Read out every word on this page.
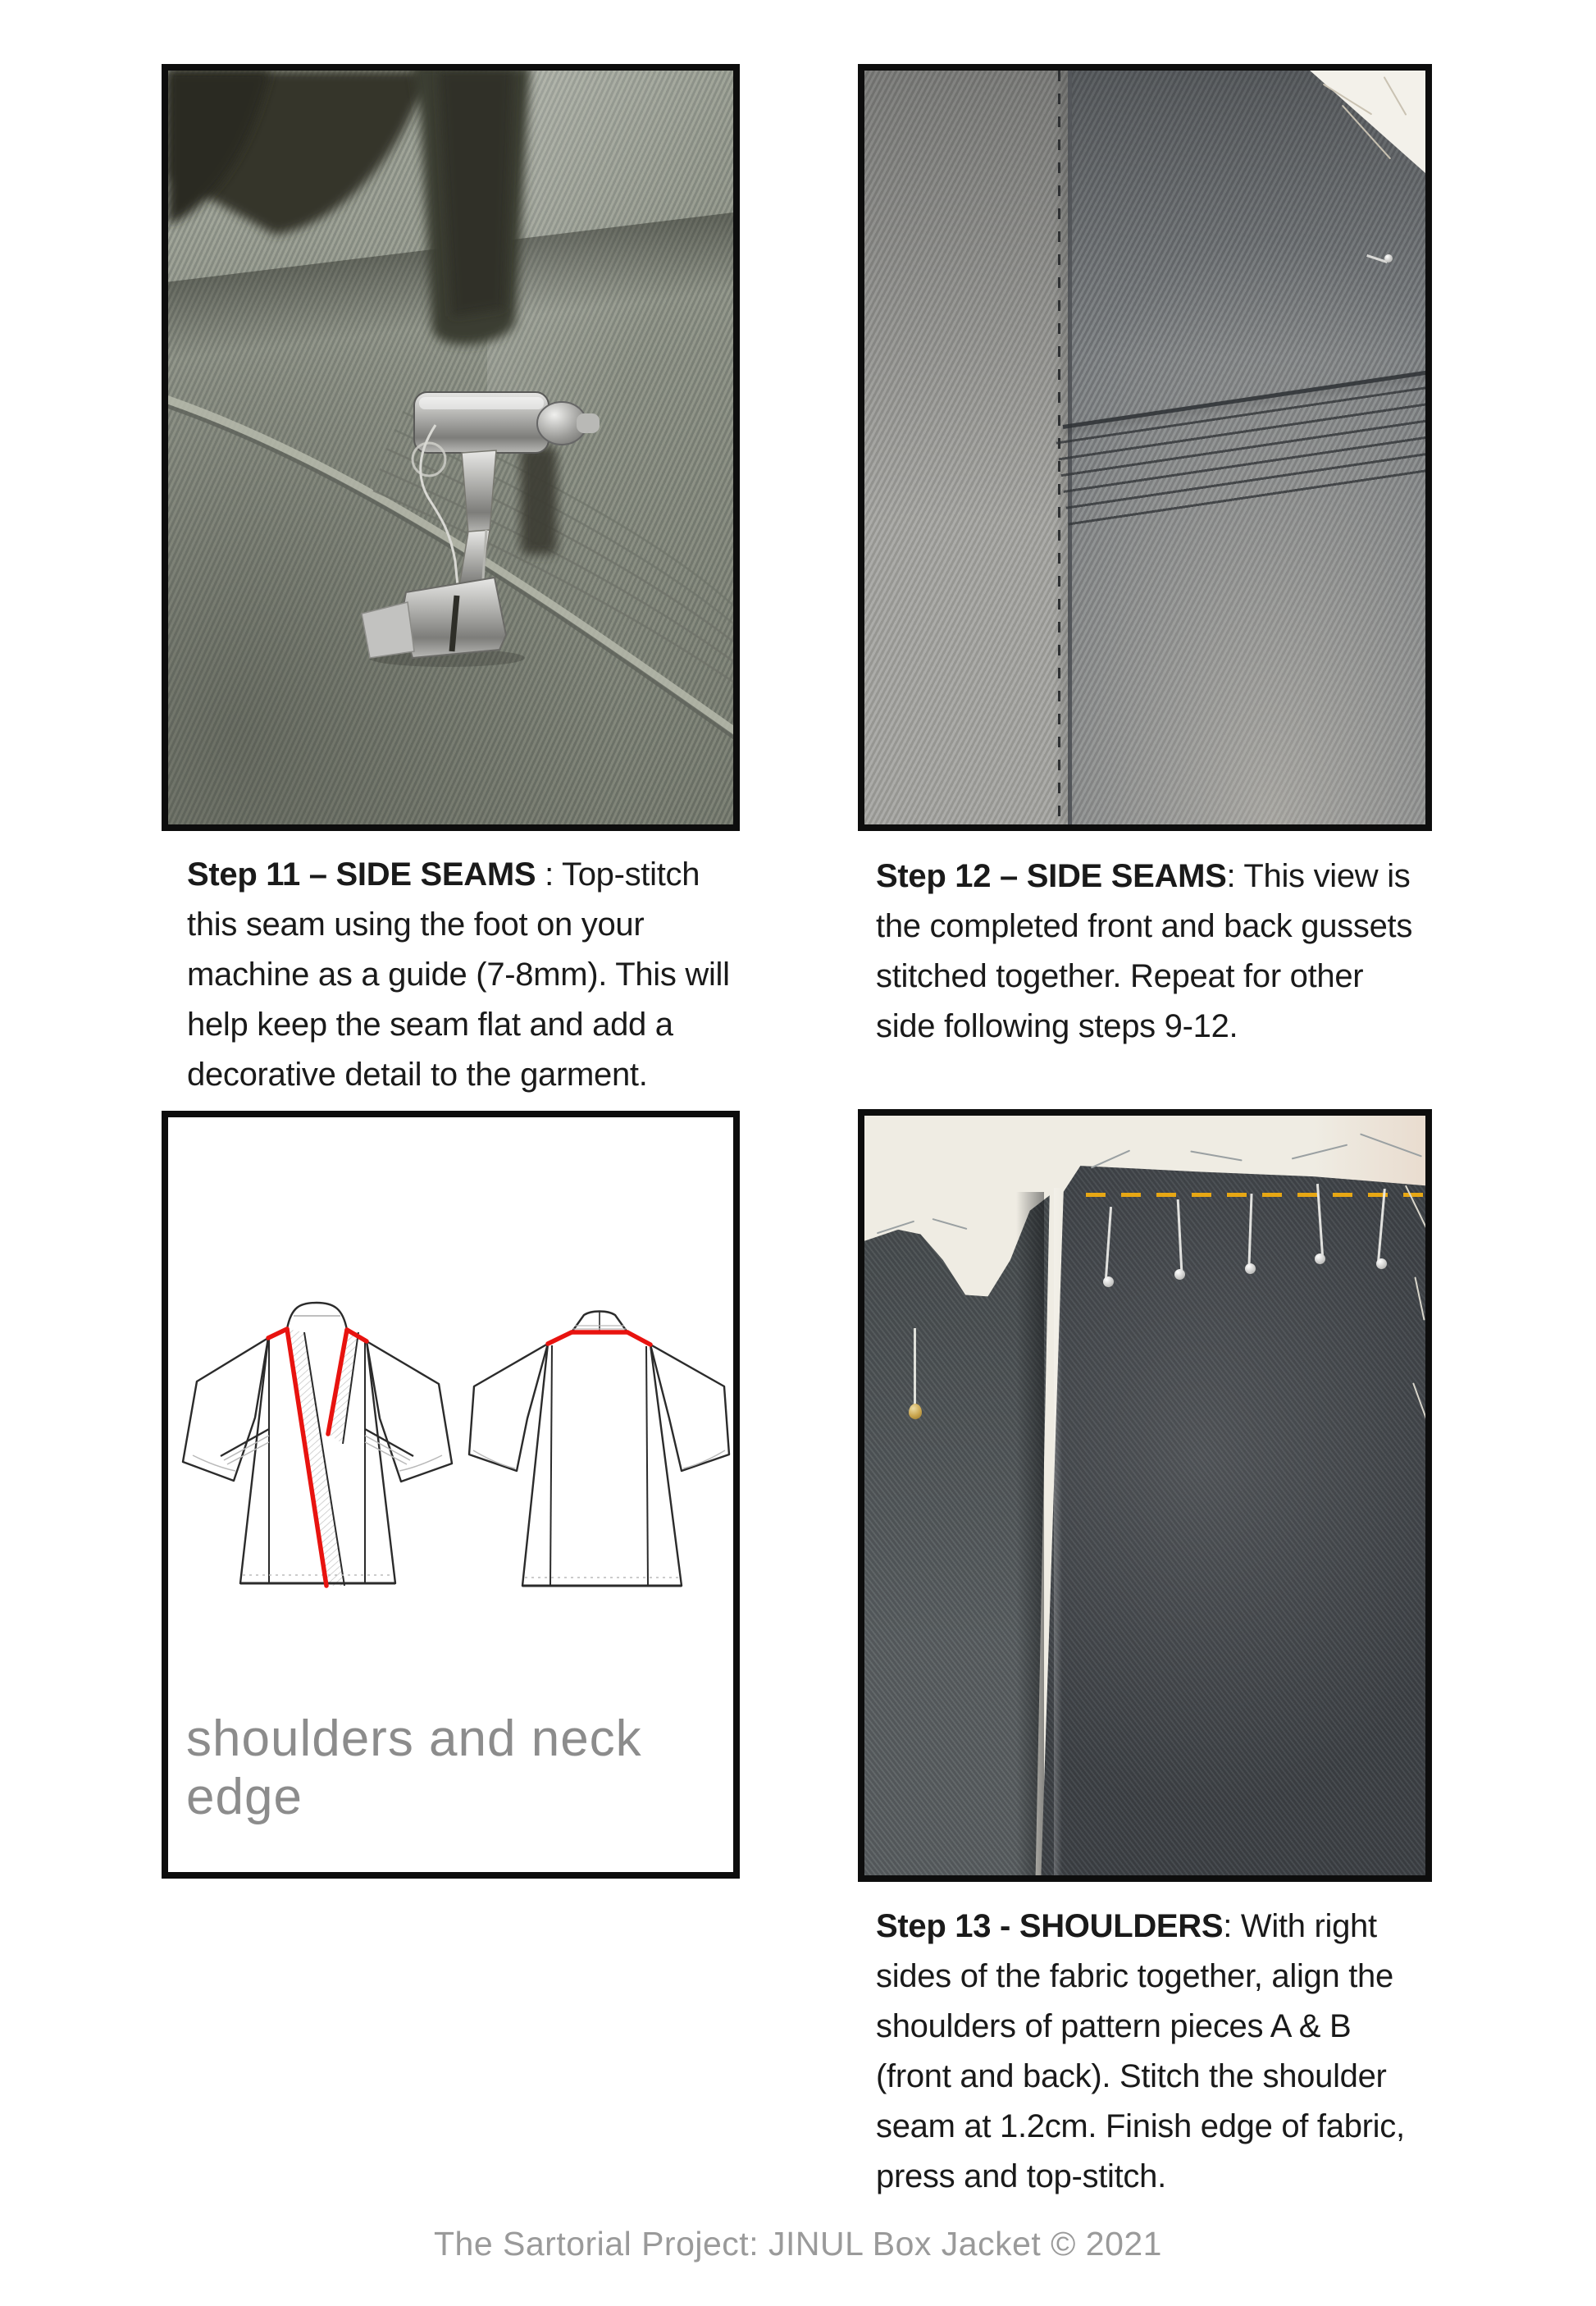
Step 11 – SIDE SEAMS : Top-stitch this seam using the foot on your machine as a guide (7-8mm). This will help keep the seam flat and add a decorative detail to the garment.
Step 12 – SIDE SEAMS: This view is the completed front and back gussets stitched together. Repeat for other side following steps 9-12.
shoulders and neck edge
Step 13 - SHOULDERS: With right sides of the fabric together, align the shoulders of pattern pieces A & B (front and back). Stitch the shoulder seam at 1.2cm. Finish edge of fabric, press and top-stitch.
The Sartorial Project: JINUL Box Jacket © 2021
